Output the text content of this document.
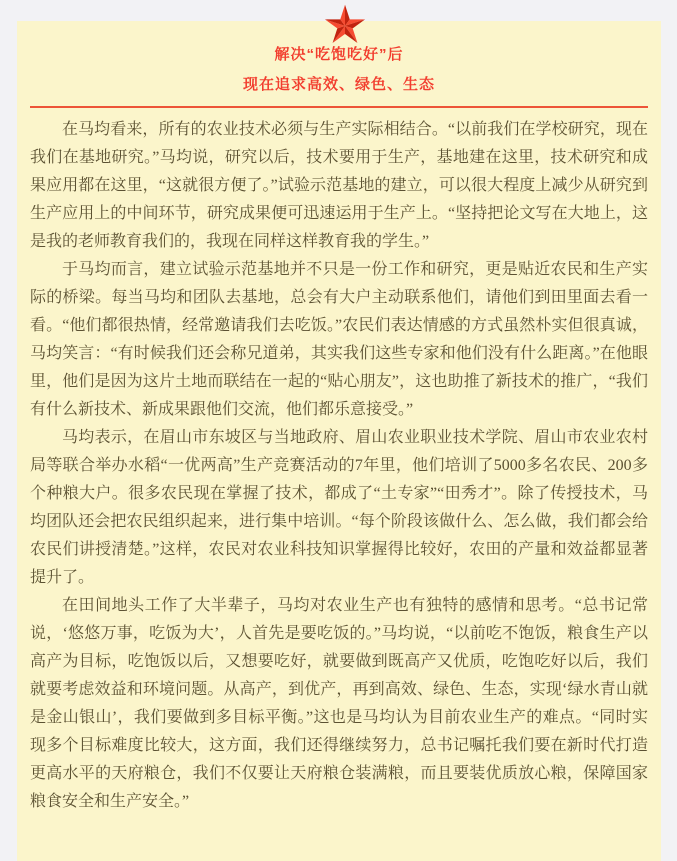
解决“吃饱吃好”后
现在追求高效、绿色、生态

在马均看来，所有的农业技术必须与生产实际相结合。“以前我们在学校研究，现在我们在基地研究。”马均说，研究以后，技术要用于生产，基地建在这里，技术研究和成果应用都在这里，“这就很方便了。”试验示范基地的建立，可以很大程度上减少从研究到生产应用上的中间环节，研究成果便可迅速运用于生产上。“坚持把论文写在大地上，这是我的老师教育我们的，我现在同样这样教育我的学生。”

于马均而言，建立试验示范基地并不只是一份工作和研究，更是贴近农民和生产实际的桥梁。每当马均和团队去基地，总会有大户主动联系他们，请他们到田里面去看一看。“他们都很热情，经常邀请我们去吃饭。”农民们表达情感的方式虽然朴实但很真诚，马均笑言：“有时候我们还会称兄道弟，其实我们这些专家和他们没有什么距离。”在他眼里，他们是因为这片土地而联结在一起的“贴心朋友”，这也助推了新技术的推广，“我们有什么新技术、新成果跟他们交流，他们都乐意接受。”

马均表示，在眉山市东坡区与当地政府、眉山农业职业技术学院、眉山市农业农村局等联合举办水稻“一优两高”生产竞赛活动的7年里，他们培训了5000多名农民、200多个种粮大户。很多农民现在掌握了技术，都成了“土专家”“田秀才”。除了传授技术，马均团队还会把农民组织起来，进行集中培训。“每个阶段该做什么、怎么做，我们都会给农民们讲授清楚。”这样，农民对农业科技知识掌握得比较好，农田的产量和效益都显著提升了。

在田间地头工作了大半辈子，马均对农业生产也有独特的感情和思考。“总书记常说，‘悠悠万事，吃饭为大’，人首先是要吃饭的。”马均说，“以前吃不饱饭，粮食生产以高产为目标，吃饱饭以后，又想要吃好，就要做到既高产又优质，吃饱吃好以后，我们就要考虑效益和环境问题。从高产，到优产，再到高效、绿色、生态，实现‘绿水青山就是金山银山’，我们要做到多目标平衡。”这也是马均认为目前农业生产的难点。“同时实现多个目标难度比较大，这方面，我们还得继续努力，总书记嘱托我们要在新时代打造更高水平的天府粮仓，我们不仅要让天府粮仓装满粮，而且要装优质放心粮，保障国家粮食安全和生产安全。”
